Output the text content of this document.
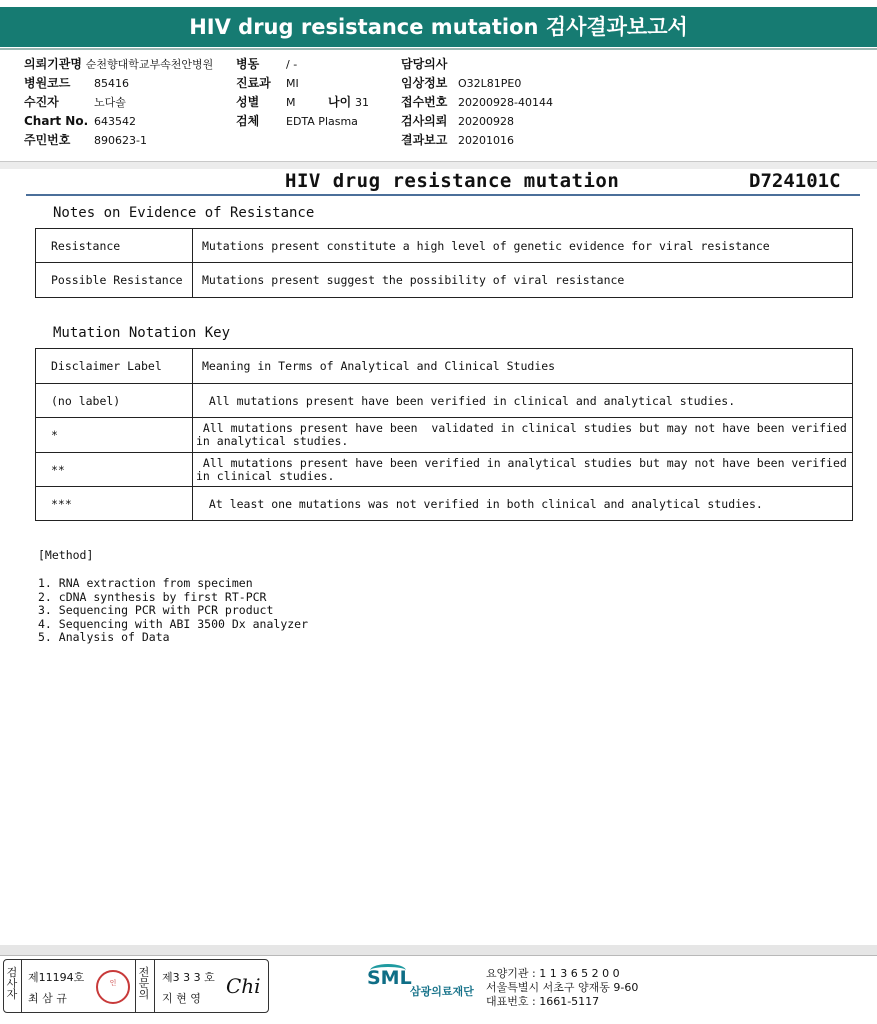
HIV drug resistance mutation 검사결과보고서
의뢰기관명 순천향대학교부속천안병원
병원코드 85416
수진자	노다솔
Chart No. 643542
주민번호 890623-1
병동 / -
진료과 MI
성별 M	나이 31
검체 EDTA Plasma
담당의사
임상정보 O32L81PE0
접수번호 20200928-40144
검사의뢰 20200928
결과보고 20201016
HIV drug resistance mutation	D724101C
Notes on Evidence of Resistance
Resistance	Mutations present constitute a high level of genetic evidence for viral resistance
Possible Resistance	Mutations present suggest the possibility of viral resistance
Mutation Notation Key
Disclaimer Label	Meaning in Terms of Analytical and Clinical Studies
(no label)	All mutations present have been verified in clinical and analytical studies.
*	All mutations present have been  validated in clinical studies but may not have been verified
in analytical studies.

**	All mutations present have been verified in analytical studies but may not have been verified
in clinical studies.

***	At least one mutations was not verified in both clinical and analytical studies.
[Method]
1. RNA extraction from specimen
2. cDNA synthesis by first RT-PCR
3. Sequencing PCR with PCR product
4. Sequencing with ABI 3500 Dx analyzer
5. Analysis of Data
검
사
자
제11194호
최 삼 규
인
전
문
의
제3 3 3 호
지 현 영
Chi	SML
삼광의료재단
요양기관 : 1 1 3 6 5 2 0 0
서울특별시 서초구 양재동 9-60
대표번호 : 1661-5117
